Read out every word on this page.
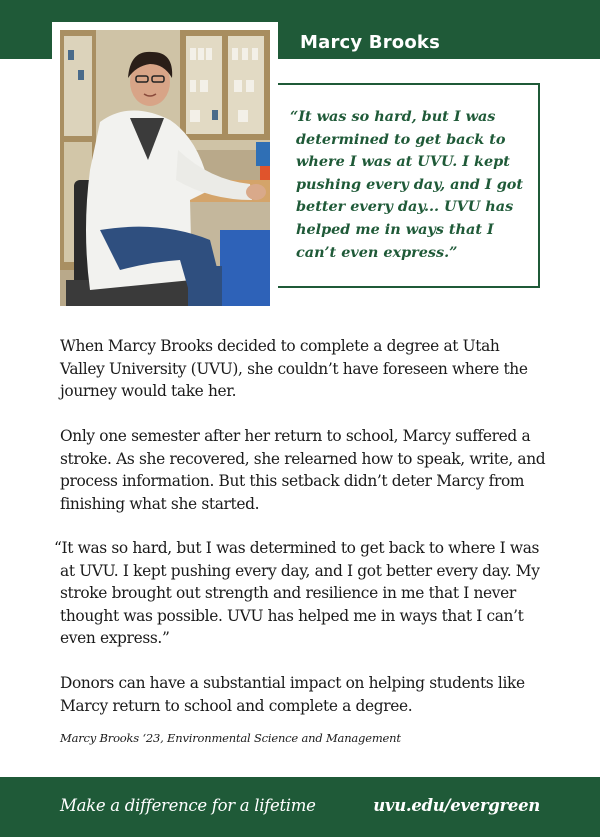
Marcy Brooks
“It was so hard, but I was determined to get back to where I was at UVU. I kept pushing every day, and I got better every day... UVU has helped me in ways that I can’t even express.”

When Marcy Brooks decided to complete a degree at Utah Valley University (UVU), she couldn’t have foreseen where the journey would take her.

Only one semester after her return to school, Marcy suffered a stroke. As she recovered, she relearned how to speak, write, and process information. But this setback didn’t deter Marcy from finishing what she started.

“It was so hard, but I was determined to get back to where I was at UVU. I kept pushing every day, and I got better every day. My stroke brought out strength and resilience in me that I never thought was possible. UVU has helped me in ways that I can’t even express.”

Donors can have a substantial impact on helping students like Marcy return to school and complete a degree.

Marcy Brooks ‘23, Environmental Science and Management
Make a difference for a lifetime	uvu.edu/evergreen
